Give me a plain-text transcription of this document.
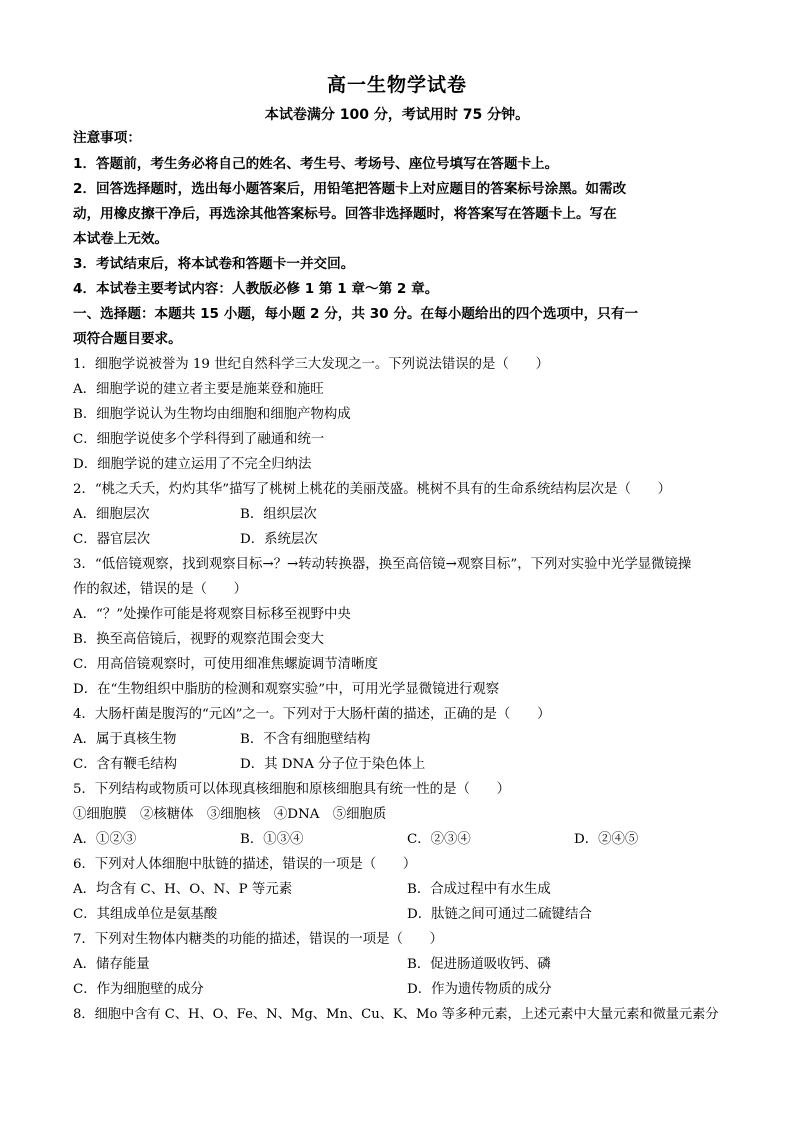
高一生物学试卷
本试卷满分 100 分，考试用时 75 分钟。
注意事项：
1．答题前，考生务必将自己的姓名、考生号、考场号、座位号填写在答题卡上。
2．回答选择题时，选出每小题答案后，用铅笔把答题卡上对应题目的答案标号涂黑。如需改
动，用橡皮擦干净后，再选涂其他答案标号。回答非选择题时，将答案写在答题卡上。写在
本试卷上无效。
3．考试结束后，将本试卷和答题卡一并交回。
4．本试卷主要考试内容：人教版必修 1 第 1 章～第 2 章。
一、选择题：本题共 15 小题，每小题 2 分，共 30 分。在每小题给出的四个选项中，只有一
项符合题目要求。
1．细胞学说被誉为 19 世纪自然科学三大发现之一。下列说法错误的是（　　）
A．细胞学说的建立者主要是施莱登和施旺
B．细胞学说认为生物均由细胞和细胞产物构成
C．细胞学说使多个学科得到了融通和统一
D．细胞学说的建立运用了不完全归纳法
2．“桃之夭夭，灼灼其华”描写了桃树上桃花的美丽茂盛。桃树不具有的生命系统结构层次是（　　）
A．细胞层次	B．组织层次
C．器官层次	D．系统层次
3．“低倍镜观察，找到观察目标→？→转动转换器，换至高倍镜→观察目标”，下列对实验中光学显微镜操
作的叙述，错误的是（　　）
A．“？”处操作可能是将观察目标移至视野中央
B．换至高倍镜后，视野的观察范围会变大
C．用高倍镜观察时，可使用细准焦螺旋调节清晰度
D．在“生物组织中脂肪的检测和观察实验”中，可用光学显微镜进行观察
4．大肠杆菌是腹泻的“元凶”之一。下列对于大肠杆菌的描述，正确的是（　　）
A．属于真核生物	B．不含有细胞壁结构
C．含有鞭毛结构	D．其 DNA 分子位于染色体上
5．下列结构或物质可以体现真核细胞和原核细胞具有统一性的是（　　）
①细胞膜　②核糖体　③细胞核　④DNA　⑤细胞质
A．①②③	B．①③④	C．②③④	D．②④⑤
6．下列对人体细胞中肽链的描述，错误的一项是（　　）
A．均含有 C、H、O、N、P 等元素	B．合成过程中有水生成
C．其组成单位是氨基酸	D．肽链之间可通过二硫键结合
7．下列对生物体内糖类的功能的描述，错误的一项是（　　）
A．储存能量	B．促进肠道吸收钙、磷
C．作为细胞壁的成分	D．作为遗传物质的成分
8．细胞中含有 C、H、O、Fe、N、Mg、Mn、Cu、K、Mo 等多种元素，上述元素中大量元素和微量元素分
